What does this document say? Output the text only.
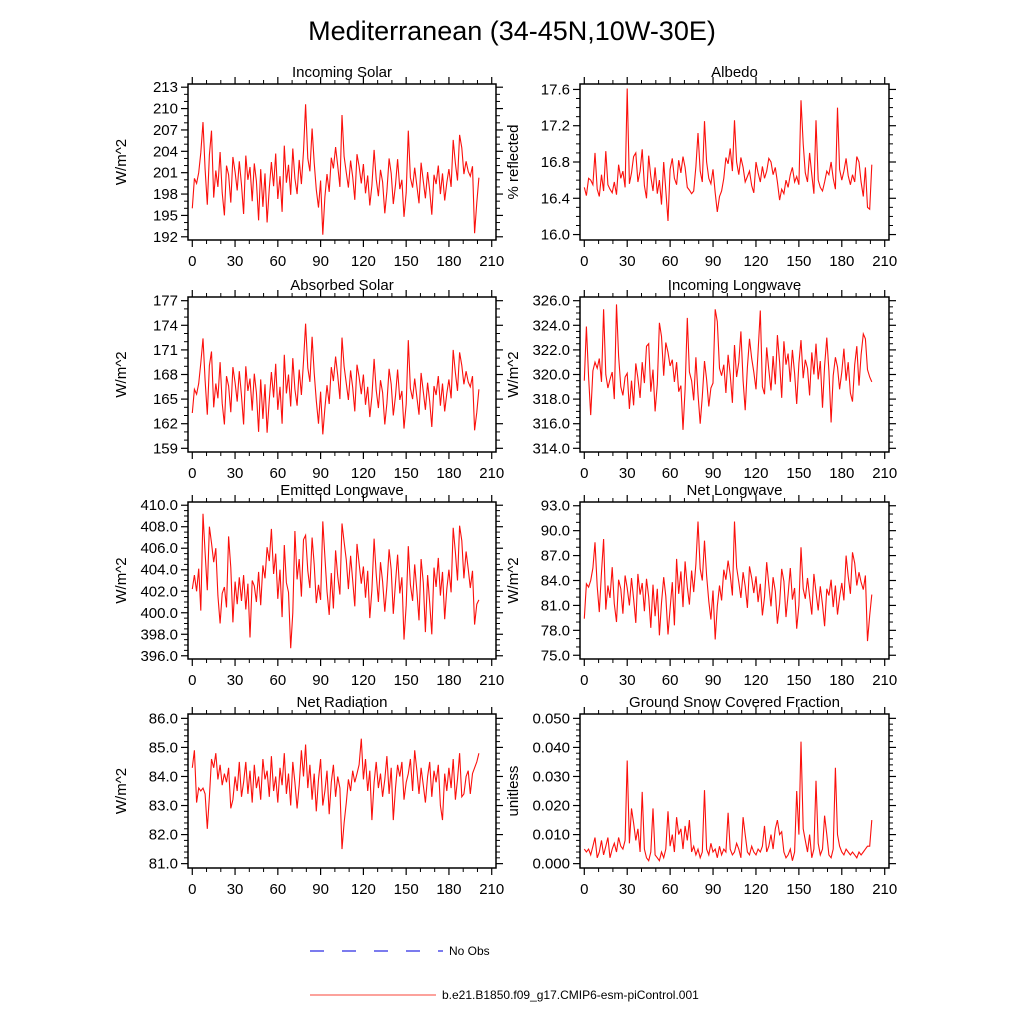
Mediterranean (34-45N,10W-30E)
0 30 60 90 120 150 180 210
192
195
198
201
204
207
210
213
Incoming Solar
W/m^2
0 30 60 90 120 150 180 210
16.0
16.4
16.8
17.2
17.6
Albedo
% reflected
0 30 60 90 120 150 180 210
159
162
165
168
171
174
177
Absorbed Solar
W/m^2
0 30 60 90 120 150 180 210
314.0
316.0
318.0
320.0
322.0
324.0
326.0
Incoming Longwave
W/m^2
0 30 60 90 120 150 180 210
396.0
398.0
400.0
402.0
404.0
406.0
408.0
410.0
Emitted Longwave
W/m^2
0 30 60 90 120 150 180 210
75.0
78.0
81.0
84.0
87.0
90.0
93.0
Net Longwave
W/m^2
0 30 60 90 120 150 180 210
81.0
82.0
83.0
84.0
85.0
86.0
Net Radiation
W/m^2
0 30 60 90 120 150 180 210
0.000
0.010
0.020
0.030
0.040
0.050
Ground Snow Covered Fraction
unitless
No Obs
b.e21.B1850.f09_g17.CMIP6-esm-piControl.001
